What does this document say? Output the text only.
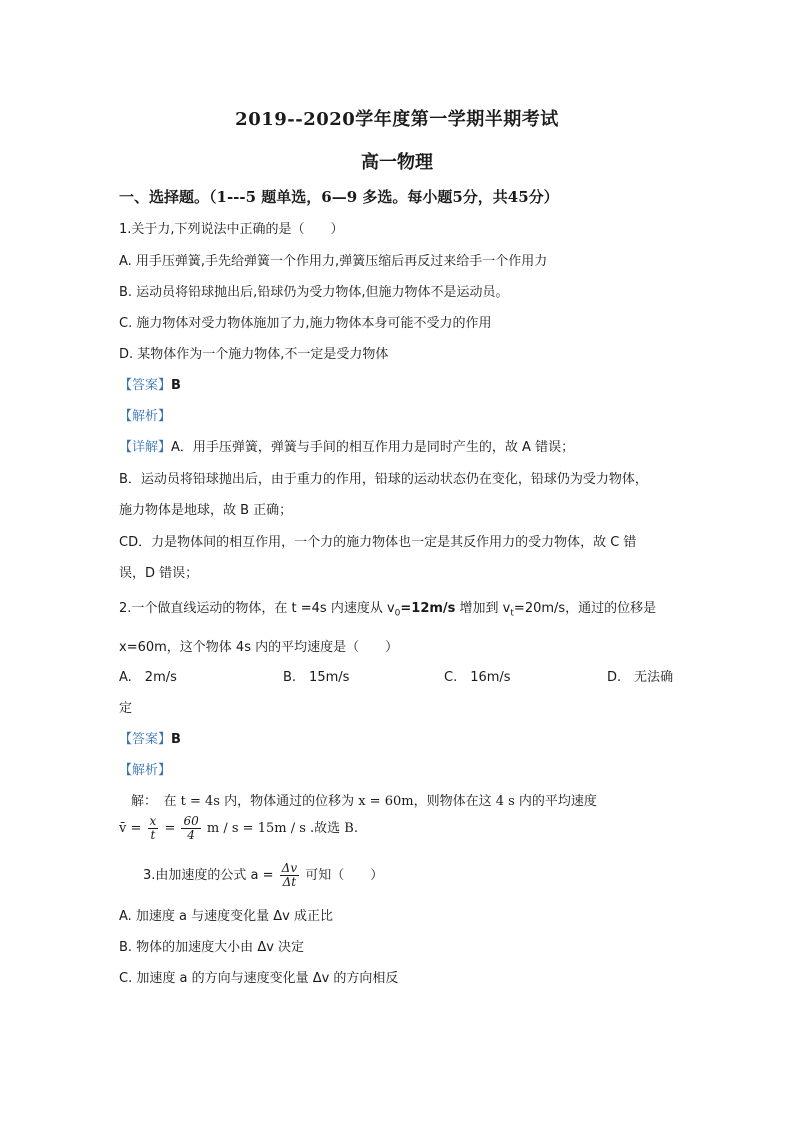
2019--2020学年度第一学期半期考试
高一物理
一、选择题。（1---5 题单选，6—9 多选。每小题5分，共45分）
1.关于力,下列说法中正确的是（　　）
A. 用手压弹簧,手先给弹簧一个作用力,弹簧压缩后再反过来给手一个作用力
B. 运动员将铅球抛出后,铅球仍为受力物体,但施力物体不是运动员。
C. 施力物体对受力物体施加了力,施力物体本身可能不受力的作用
D. 某物体作为一个施力物体,不一定是受力物体
【答案】B
【解析】
【详解】A．用手压弹簧，弹簧与手间的相互作用力是同时产生的，故 A 错误；
B．运动员将铅球抛出后，由于重力的作用，铅球的运动状态仍在变化，铅球仍为受力物体，
施力物体是地球，故 B 正确；
CD．力是物体间的相互作用，一个力的施力物体也一定是其反作用力的受力物体，故 C 错
误，D 错误；
2.一个做直线运动的物体，在 t =4s 内速度从 $v_0=12m/s$ 增加到 $v_t=20m/s$，通过的位移是
x=60m，这个物体 4s 内的平均速度是（　　）
A.　2m/s	B.　15m/s	C.　16m/s	D.　无法确
定
【答案】B
【解析】
解：　在 t = 4s 内，物体通过的位移为 x = 60m，则物体在这 4 s 内的平均速度
v̄ = $\frac{x}{t} = \frac{60}{4}$ m / s = 15m / s .故选 B.
3.由加速度的公式 $a = \frac{\Delta v}{\Delta t}$ 可知（　　）
A. 加速度 a 与速度变化量 Δv 成正比
B. 物体的加速度大小由 Δv 决定
C. 加速度 a 的方向与速度变化量 Δv 的方向相反
